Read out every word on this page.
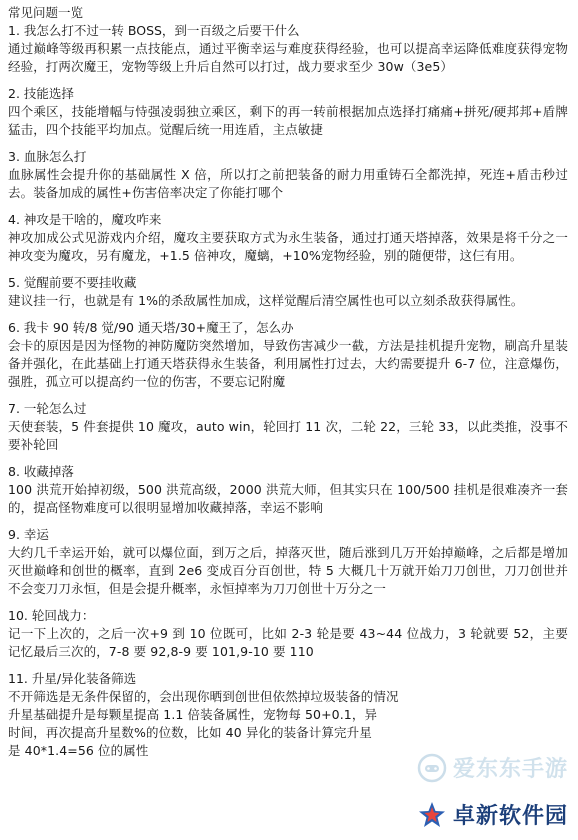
常见问题一览

1. 我怎么打不过一转 BOSS，到一百级之后要干什么

通过巅峰等级再积累一点技能点，通过平衡幸运与难度获得经验，也可以提高幸运降低难度获得宠物经验，打两次魔王，宠物等级上升后自然可以打过，战力要求至少 30w（3e5）

2. 技能选择

四个乘区，技能增幅与恃强凌弱独立乘区，剩下的再一转前根据加点选择打痛痛+拼死/硬邦邦+盾牌猛击，四个技能平均加点。觉醒后统一用连盾，主点敏捷

3. 血脉怎么打

血脉属性会提升你的基础属性 X 倍，所以打之前把装备的耐力用重铸石全都洗掉，死连+盾击秒过去。装备加成的属性+伤害倍率决定了你能打哪个

4. 神攻是干啥的，魔攻咋来

神攻加成公式见游戏内介绍，魔攻主要获取方式为永生装备，通过打通天塔掉落，效果是将千分之一神攻变为魔攻，另有魔龙，+1.5 倍神攻，魔螭，+10%宠物经验，别的随便带，这仨有用。

5. 觉醒前要不要挂收藏

建议挂一行，也就是有 1%的杀敌属性加成，这样觉醒后清空属性也可以立刻杀敌获得属性。

6. 我卡 90 转/8 觉/90 通天塔/30+魔王了，怎么办

会卡的原因是因为怪物的神防魔防突然增加，导致伤害减少一截，方法是挂机提升宠物，刷高升星装备并强化，在此基础上打通天塔获得永生装备，利用属性打过去，大约需要提升 6-7 位，注意爆伤，强胜，孤立可以提高约一位的伤害，不要忘记附魔

7. 一轮怎么过

天使套装，5 件套提供 10 魔攻，auto win，轮回打 11 次，二轮 22，三轮 33，以此类推，没事不要补轮回

8. 收藏掉落

100 洪荒开始掉初级，500 洪荒高级，2000 洪荒大师，但其实只在 100/500 挂机是很难凑齐一套的，提高怪物难度可以很明显增加收藏掉落，幸运不影响

9. 幸运

大约几千幸运开始，就可以爆位面，到万之后，掉落灭世，随后涨到几万开始掉巅峰，之后都是增加灭世巅峰和创世的概率，直到 2e6 变成百分百创世，特 5 大概几十万就开始刀刀创世，刀刀创世并不会变刀刀永恒，但是会提升概率，永恒掉率为刀刀创世十万分之一

10. 轮回战力：

记一下上次的，之后一次+9 到 10 位既可，比如 2-3 轮是要 43~44 位战力，3 轮就要 52，主要记忆最后三次的，7-8 要 92,8-9 要 101,9-10 要 110

11. 升星/异化装备筛选

不开筛选是无条件保留的，会出现你晒到创世但依然掉垃圾装备的情况
升星基础提升是每颗星提高 1.1 倍装备属性，宠物每 50+0.1，异
时间，再次提高升星数%的位数，比如 40 异化的装备计算完升星
是 40*1.4=56 位的属性

爱东东手游
卓新软件园
